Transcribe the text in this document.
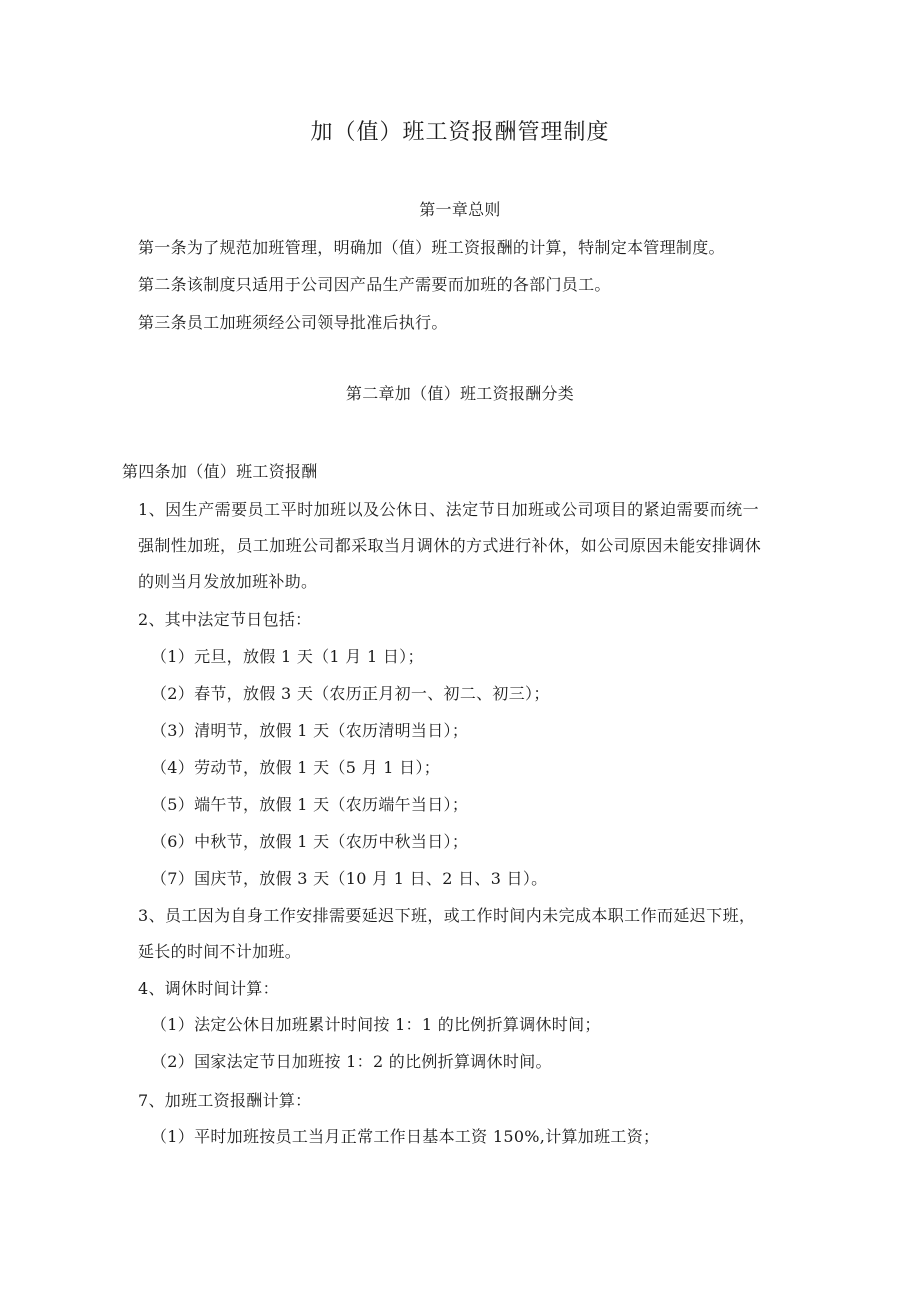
加（值）班工资报酬管理制度
第一章总则
第一条为了规范加班管理，明确加（值）班工资报酬的计算，特制定本管理制度。
第二条该制度只适用于公司因产品生产需要而加班的各部门员工。
第三条员工加班须经公司领导批准后执行。
第二章加（值）班工资报酬分类
第四条加（值）班工资报酬
1、因生产需要员工平时加班以及公休日、法定节日加班或公司项目的紧迫需要而统一
强制性加班，员工加班公司都采取当月调休的方式进行补休，如公司原因未能安排调休
的则当月发放加班补助。
2、其中法定节日包括：
（1）元旦，放假 1 天（1 月 1 日）；
（2）春节，放假 3 天（农历正月初一、初二、初三）；
（3）清明节，放假 1 天（农历清明当日）；
（4）劳动节，放假 1 天（5 月 1 日）；
（5）端午节，放假 1 天（农历端午当日）；
（6）中秋节，放假 1 天（农历中秋当日）；
（7）国庆节，放假 3 天（10 月 1 日、2 日、3 日）。
3、员工因为自身工作安排需要延迟下班，或工作时间内未完成本职工作而延迟下班，
延长的时间不计加班。
4、调休时间计算：
（1）法定公休日加班累计时间按 1：1 的比例折算调休时间；
（2）国家法定节日加班按 1：2 的比例折算调休时间。
7、加班工资报酬计算：
（1）平时加班按员工当月正常工作日基本工资 150%,计算加班工资；
